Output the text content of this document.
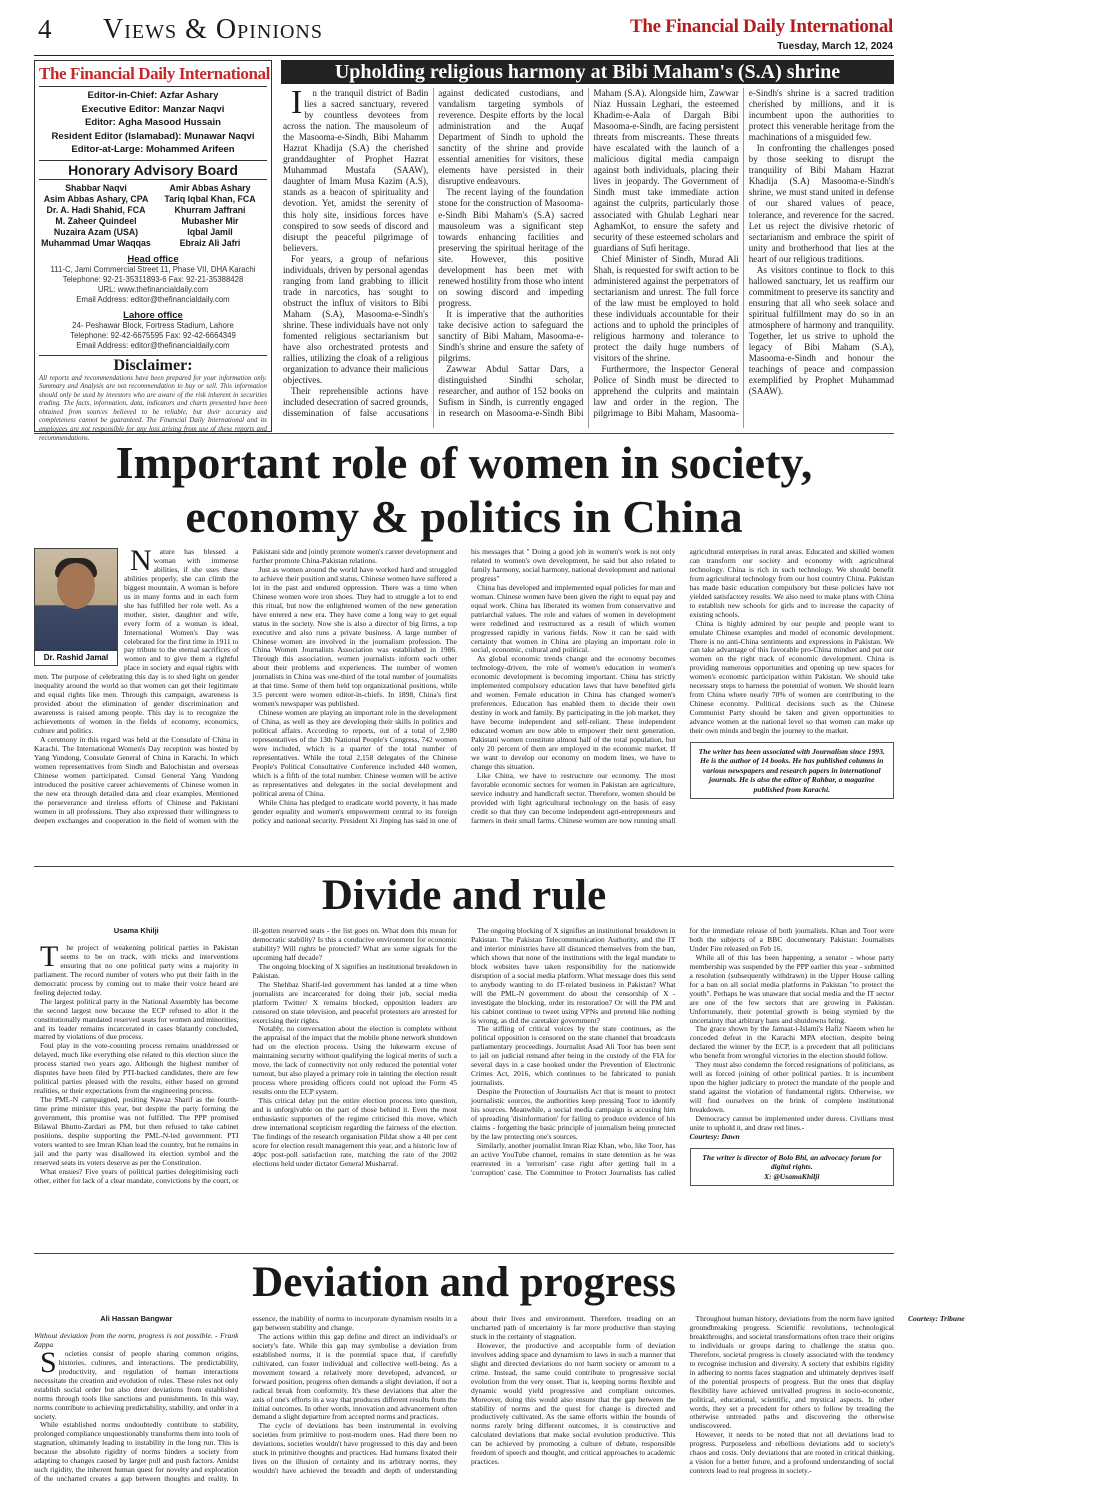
4 Views & Opinions	The Financial Daily International
Tuesday, March 12, 2024
The Financial Daily International
Editor-in-Chief: Azfar Ashary
Executive Editor: Manzar Naqvi
Editor: Agha Masood Hussain
Resident Editor (Islamabad): Munawar Naqvi
Editor-at-Large: Mohammed Arifeen
Honorary Advisory Board
Shabbar Naqvi
Asim Abbas Ashary, CPA
Dr. A. Hadi Shahid, FCA
M. Zaheer Quindeel
Nuzaira Azam (USA)
Muhammad Umar Waqqas
Amir Abbas Ashary
Tariq Iqbal Khan, FCA
Khurram Jaffrani
Mubasher Mir
Iqbal Jamil
Ebraiz Ali Jafri
Head office
111-C, Jami Commercial Street 11, Phase VII, DHA Karachi
Telephone: 92-21-35311893-6 Fax: 92-21-35388428
URL: www.thefinancialdaily.com
Email Address: editor@thefinancialdaily.com
Lahore office
24- Peshawar Block, Fortress Stadium, Lahore
Telephone: 92-42-6675595 Fax: 92-42-6664349
Email Address: editor@thefinancialdaily.com
Disclaimer:
All reports and recommendations have been prepared for your information only. Summary and Analysis are not recommendation to buy or sell. This information should only be used by investors who are aware of the risk inherent in securities trading. The facts, information, data, indicators and charts presented have been obtained from sources believed to be reliable, but their accuracy and completeness cannot be guaranteed. The Financial Daily International and its employees are not responsible for any loss arising from use of these reports and recommendations.
Upholding religious harmony at Bibi Maham's (S.A) shrine

In the tranquil district of Badin lies a sacred sanctuary, revered by countless devotees from across the nation. The mausoleum of the Masooma-e-Sindh, Bibi Mahamm Hazrat Khadija (S.A) the cherished granddaughter of Prophet Hazrat Muhammad Mustafa (SAAW), daughter of Imam Musa Kazim (A.S), stands as a beacon of spirituality and devotion. Yet, amidst the serenity of this holy site, insidious forces have conspired to sow seeds of discord and disrupt the peaceful pilgrimage of believers.

For years, a group of nefarious individuals, driven by personal agendas ranging from land grabbing to illicit trade in narcotics, has sought to obstruct the influx of visitors to Bibi Maham (S.A), Masooma-e-Sindh's shrine. These individuals have not only fomented religious sectarianism but have also orchestrated protests and rallies, utilizing the cloak of a religious organization to advance their malicious objectives.

Their reprehensible actions have included desecration of sacred grounds, dissemination of false accusations against dedicated custodians, and vandalism targeting symbols of reverence. Despite efforts by the local administration and the Auqaf Department of Sindh to uphold the sanctity of the shrine and provide essential amenities for visitors, these elements have persisted in their disruptive endeavours.

The recent laying of the foundation stone for the construction of Masooma-e-Sindh Bibi Maham's (S.A) sacred mausoleum was a significant step towards enhancing facilities and preserving the spiritual heritage of the site. However, this positive development has been met with renewed hostility from those who intent on sowing discord and impeding progress.

It is imperative that the authorities take decisive action to safeguard the sanctity of Bibi Maham, Masooma-e-Sindh's shrine and ensure the safety of pilgrims.

Zawwar Abdul Sattar Dars, a distinguished Sindhi scholar, researcher, and author of 152 books on Sufism in Sindh, is currently engaged in research on Masooma-e-Sindh Bibi Maham (S.A). Alongside him, Zawwar Niaz Hussain Leghari, the esteemed Khadim-e-Aala of Dargah Bibi Masooma-e-Sindh, are facing persistent threats from miscreants. These threats have escalated with the launch of a malicious digital media campaign against both individuals, placing their lives in jeopardy. The Government of Sindh must take immediate action against the culprits, particularly those associated with Ghulab Leghari near AghamKot, to ensure the safety and security of these esteemed scholars and guardians of Sufi heritage.

Chief Minister of Sindh, Murad Ali Shah, is requested for swift action to be administered against the perpetrators of sectarianism and unrest. The full force of the law must be employed to hold these individuals accountable for their actions and to uphold the principles of religious harmony and tolerance to protect the daily huge numbers of visitors of the shrine.

Furthermore, the Inspector General Police of Sindh must be directed to apprehend the culprits and maintain law and order in the region. The pilgrimage to Bibi Maham, Masooma-e-Sindh's shrine is a sacred tradition cherished by millions, and it is incumbent upon the authorities to protect this venerable heritage from the machinations of a misguided few.

In confronting the challenges posed by those seeking to disrupt the tranquility of Bibi Maham Hazrat Khadija (S.A) Masooma-e-Sindh's shrine, we must stand united in defense of our shared values of peace, tolerance, and reverence for the sacred. Let us reject the divisive rhetoric of sectarianism and embrace the spirit of unity and brotherhood that lies at the heart of our religious traditions.

As visitors continue to flock to this hallowed sanctuary, let us reaffirm our commitment to preserve its sanctity and ensuring that all who seek solace and spiritual fulfillment may do so in an atmosphere of harmony and tranquility. Together, let us strive to uphold the legacy of Bibi Maham (S.A), Masooma-e-Sindh and honour the teachings of peace and compassion exemplified by Prophet Muhammad (SAAW).

Important role of women in society, economy & politics in China
Dr. Rashid Jamal

Nature has blessed a woman with immense abilities, if she uses these abilities properly, she can climb the biggest mountain. A woman is before us in many forms and in each form she has fulfilled her role well. As a mother, sister, daughter and wife, every form of a woman is ideal. International Women's Day was celebrated for the first time in 1911 to pay tribute to the eternal sacrifices of women and to give them a rightful place in society and equal rights with men. The purpose of celebrating this day is to shed light on gender inequality around the world so that women can get their legitimate and equal rights like men. Through this campaign, awareness is provided about the elimination of gender discrimination and awareness is raised among people. This day is to recognize the achievements of women in the fields of economy, economics, culture and politics.

A ceremony in this regard was held at the Consulate of China in Karachi. The International Women's Day reception was hosted by Yang Yundong, Consulate General of China in Karachi. In which women representatives from Sindh and Balochistan and overseas Chinese women participated. Consul General Yang Yundong introduced the positive career achievements of Chinese women in the new era through detailed data and clear examples. Mentioned the perseverance and tireless efforts of Chinese and Pakistani women in all professions. They also expressed their willingness to deepen exchanges and cooperation in the field of women with the Pakistani side and jointly promote women's career development and further promote China-Pakistan relations.

Just as women around the world have worked hard and struggled to achieve their position and status, Chinese women have suffered a lot in the past and endured oppression. There was a time when Chinese women wore iron shoes. They had to struggle a lot to end this ritual, but now the enlightened women of the new generation have entered a new era. They have come a long way to get equal status in the society. Now she is also a director of big firms, a top executive and also runs a private business. A large number of Chinese women are involved in the journalism profession. The China Women Journalists Association was established in 1986. Through this association, women journalists inform each other about their problems and experiences. The number of women journalists in China was one-third of the total number of journalists at that time. Some of them held top organizational positions, while 3.5 percent were women editor-in-chiefs. In 1898, China's first women's newspaper was published.

Chinese women are playing an important role in the development of China, as well as they are developing their skills in politics and political affairs. According to reports, out of a total of 2,980 representatives of the 13th National People's Congress, 742 women were included, which is a quarter of the total number of representatives. While the total 2,158 delegates of the Chinese People's Political Consultative Conference included 440 women, which is a fifth of the total number. Chinese women will be active as representatives and delegates in the social development and political arena of China.

While China has pledged to eradicate world poverty, it has made gender equality and women's empowerment central to its foreign policy and national security. President Xi Jinping has said in one of his messages that " Doing a good job in women's work is not only related to women's own development, he said but also related to family harmony, social harmony, national development and national progress"

China has developed and implemented equal policies for man and woman. Chinese women have been given the right to equal pay and equal work. China has liberated its women from conservative and patriarchal values. The role and values of women in development were redefined and restructured as a result of which women progressed rapidly in various fields. Now it can be said with certainty that women in China are playing an important role in social, economic, cultural and political.

As global economic trends change and the economy becomes technology-driven, the role of women's education in women's economic development is becoming important. China has strictly implemented compulsory education laws that have benefited girls and women. Female education in China has changed women's preferences. Education has enabled them to decide their own destiny in work and family. By participating in the job market, they have become independent and self-reliant. These independent educated women are now able to empower their next generation. Pakistani women constitute almost half of the total population, but only 20 percent of them are employed in the economic market. If we want to develop our economy on modern lines, we have to change this situation.

Like China, we have to restructure our economy. The most favorable economic sectors for women in Pakistan are agriculture, service industry and handicraft sector. Therefore, women should be provided with light agricultural technology on the basis of easy credit so that they can become independent agri-entrepreneurs and farmers in their small farms. Chinese women are now running small agricultural enterprises in rural areas. Educated and skilled women can transform our society and economy with agricultural technology. China is rich in such technology. We should benefit from agricultural technology from our host country China. Pakistan has made basic education compulsory but these policies have not yielded satisfactory results. We also need to make plans with China to establish new schools for girls and to increase the capacity of existing schools.

China is highly admired by our people and people want to emulate Chinese examples and model of economic development. There is no anti-China sentiments and expressions in Pakistan. We can take advantage of this favorable pro-China mindset and put our women on the right track of economic development. China is providing numerous opportunities and opening up new spaces for women's economic participation within Pakistan. We should take necessary steps to harness the potential of women. We should learn from China where nearly 70% of women are contributing to the Chinese economy. Political decisions such as the Chinese Communist Party should be taken and given opportunities to advance women at the national level so that women can make up their own minds and begin the journey to the market.

The writer has been associated with Journalism since 1993. He is the author of 14 books. He has published columns in various newspapers and research papers in international journals. He is also the editor of Rahbar, a magazine published from Karachi.

Divide and rule

Usama Khilji

The project of weakening political parties in Pakistan seems to be on track, with tricks and interventions ensuring that no one political party wins a majority in parliament. The record number of voters who put their faith in the democratic process by coming out to make their voice heard are feeling dejected today.

The largest political party in the National Assembly has become the second largest now because the ECP refused to allot it the constitutionally mandated reserved seats for women and minorities, and its leader remains incarcerated in cases blatantly concluded, marred by violations of due process.

Foul play in the vote-counting process remains unaddressed or delayed, much like everything else related to this election since the process started two years ago. Although the highest number of disputes have been filed by PTI-backed candidates, there are few political parties pleased with the results, either based on ground realities, or their expectations from the engineering process.

The PML-N campaigned, positing Nawaz Sharif as the fourth-time prime minister this year, but despite the party forming the government, this promise was not fulfilled. The PPP promised Bilawal Bhutto-Zardari as PM, but then refused to take cabinet positions, despite supporting the PML-N-led government. PTI voters wanted to see Imran Khan lead the country, but he remains in jail and the party was disallowed its election symbol and the reserved seats its voters deserve as per the Constitution.

What ensues? Five years of political parties delegitimising each other, either for lack of a clear mandate, convictions by the court, or ill-gotten reserved seats - the list goes on. What does this mean for democratic stability? Is this a conducive environment for economic stability? Will rights be protected? What are some signals for the upcoming half decade?

The ongoing blocking of X signifies an institutional breakdown in Pakistan.

The Shehbaz Sharif-led government has landed at a time when journalists are incarcerated for doing their job, social media platform Twitter/ X remains blocked, opposition leaders are censored on state television, and peaceful protesters are arrested for exercising their rights.

Notably, no conversation about the election is complete without the appraisal of the impact that the mobile phone network shutdown had on the election process. Using the lukewarm excuse of maintaining security without qualifying the logical merits of such a move, the lack of connectivity not only reduced the potential voter turnout, but also played a primary role in tainting the election result process where presiding officers could not upload the Form 45 results onto the ECP system.

This critical delay put the entire election process into question, and is unforgivable on the part of those behind it. Even the most enthusiastic supporters of the regime criticised this move, which drew international scepticism regarding the fairness of the election. The findings of the research organisation Pildat show a 40 per cent score for election result management this year, and a historic low of 40pc post-poll satisfaction rate, matching the rate of the 2002 elections held under dictator General Musharraf.

The ongoing blocking of X signifies an institutional breakdown in Pakistan. The Pakistan Telecommunication Authority, and the IT and interior ministries have all distanced themselves from the ban, which shows that none of the institutions with the legal mandate to block websites have taken responsibility for the nationwide disruption of a social media platform. What message does this send to anybody wanting to do IT-related business in Pakistan? What will the PML-N government do about the censorship of X - investigate the blocking, order its restoration? Or will the PM and his cabinet continue to tweet using VPNs and pretend like nothing is wrong, as did the caretaker government?

The stifling of critical voices by the state continues, as the political opposition is censored on the state channel that broadcasts parliamentary proceedings. Journalist Asad Ali Toor has been sent to jail on judicial remand after being in the custody of the FIA for several days in a case booked under the Prevention of Electronic Crimes Act, 2016, which continues to be fabricated to punish journalists.

Despite the Protection of Journalists Act that is meant to protect journalistic sources, the authorities keep pressing Toor to identify his sources. Meanwhile, a social media campaign is accusing him of spreading 'disinformation' for failing to produce evidence of his claims - forgetting the basic principle of journalism being protected by the law protecting one's sources.

Similarly, another journalist Imran Riaz Khan, who, like Toor, has an active YouTube channel, remains in state detention as he was rearrested in a 'terrorism' case right after getting bail in a 'corruption' case. The Committee to Protect Journalists has called for the immediate release of both journalists. Khan and Toor were both the subjects of a BBC documentary Pakistan: Journalists Under Fire released on Feb 16.

While all of this has been happening, a senator - whose party membership was suspended by the PPP earlier this year - submitted a resolution (subsequently withdrawn) in the Upper House calling for a ban on all social media platforms in Pakistan "to protect the youth". Perhaps he was unaware that social media and the IT sector are one of the few sectors that are growing in Pakistan. Unfortunately, their potential growth is being stymied by the uncertainty that arbitrary bans and shutdowns bring.

The grace shown by the Jamaat-i-Islami's Hafiz Naeem when he conceded defeat in the Karachi MPA election, despite being declared the winner by the ECP, is a precedent that all politicians who benefit from wrongful victories in the election should follow.

They must also condemn the forced resignations of politicians, as well as forced joining of other political parties. It is incumbent upon the higher judiciary to protect the mandate of the people and stand against the violation of fundamental rights. Otherwise, we will find ourselves on the brink of complete institutional breakdown.

Democracy cannot be implemented under duress. Civilians must unite to uphold it, and draw red lines.-

Courtesy: Dawn

The writer is director of Bolo Bhi, an advocacy forum for digital rights.
X: @UsamaKhilji
Deviation and progress

Ali Hassan Bangwar

Without deviation from the norm, progress is not possible. - Frank Zappa

Societies consist of people sharing common origins, histories, cultures, and interactions. The predictability, productivity, and regulation of human interactions necessitate the creation and evolution of rules. These rules not only establish social order but also deter deviations from established norms through tools like sanctions and punishments. In this way, norms contribute to achieving predictability, stability, and order in a society.

While established norms undoubtedly contribute to stability, prolonged compliance unquestionably transforms them into tools of stagnation, ultimately leading to instability in the long run. This is because the absolute rigidity of norms hinders a society from adapting to changes caused by larger pull and push factors. Amidst such rigidity, the inherent human quest for novelty and exploration of the uncharted creates a gap between thoughts and reality. In essence, the inability of norms to incorporate dynamism results in a gap between stability and change.

The actions within this gap define and direct an individual's or society's fate. While this gap may symbolise a deviation from established norms, it is the potential space that, if carefully cultivated, can foster individual and collective well-being. As a movement toward a relatively more developed, advanced, or forward position, progress often demands a slight deviation, if not a radical break from conformity. It's these deviations that alter the axis of one's efforts in a way that produces different results from the initial outcomes. In other words, innovation and advancement often demand a slight departure from accepted norms and practices.

The cycle of deviations has been instrumental in evolving societies from primitive to post-modern ones. Had there been no deviations, societies wouldn't have progressed to this day and been stuck in primitive thoughts and practices. Had humans fixated their lives on the illusion of certainty and its arbitrary norms, they wouldn't have achieved the breadth and depth of understanding about their lives and environment. Therefore, treading on an uncharted path of uncertainty is far more productive than staying stuck in the certainty of stagnation.

However, the productive and acceptable form of deviation involves adding space and dynamism to laws in such a manner that slight and directed deviations do not harm society or amount to a crime. Instead, the same could contribute to progressive social evolution from the very onset. That is, keeping norms flexible and dynamic would yield progressive and compliant outcomes. Moreover, doing this would also ensure that the gap between the stability of norms and the quest for change is directed and productively cultivated. As the same efforts within the bounds of norms rarely bring different outcomes, it is constructive and calculated deviations that make social evolution productive. This can be achieved by promoting a culture of debate, responsible freedom of speech and thought, and critical approaches to academic practices.

Throughout human history, deviations from the norm have ignited groundbreaking progress. Scientific revolutions, technological breakthroughs, and societal transformations often trace their origins to individuals or groups daring to challenge the status quo. Therefore, societal progress is closely associated with the tendency to recognise inclusion and diversity. A society that exhibits rigidity in adhering to norms faces stagnation and ultimately deprives itself of the potential prospects of progress. But the ones that display flexibility have achieved unrivalled progress in socio-economic, political, educational, scientific, and mystical aspects. In other words, they set a precedent for others to follow by treading the otherwise untreaded paths and discovering the otherwise undiscovered.

However, it needs to be noted that not all deviations lead to progress. Purposeless and rebellious deviations add to society's chaos and costs. Only deviations that are rooted in critical thinking, a vision for a better future, and a profound understanding of social contexts lead to real progress in society.-

Courtesy: Tribune
